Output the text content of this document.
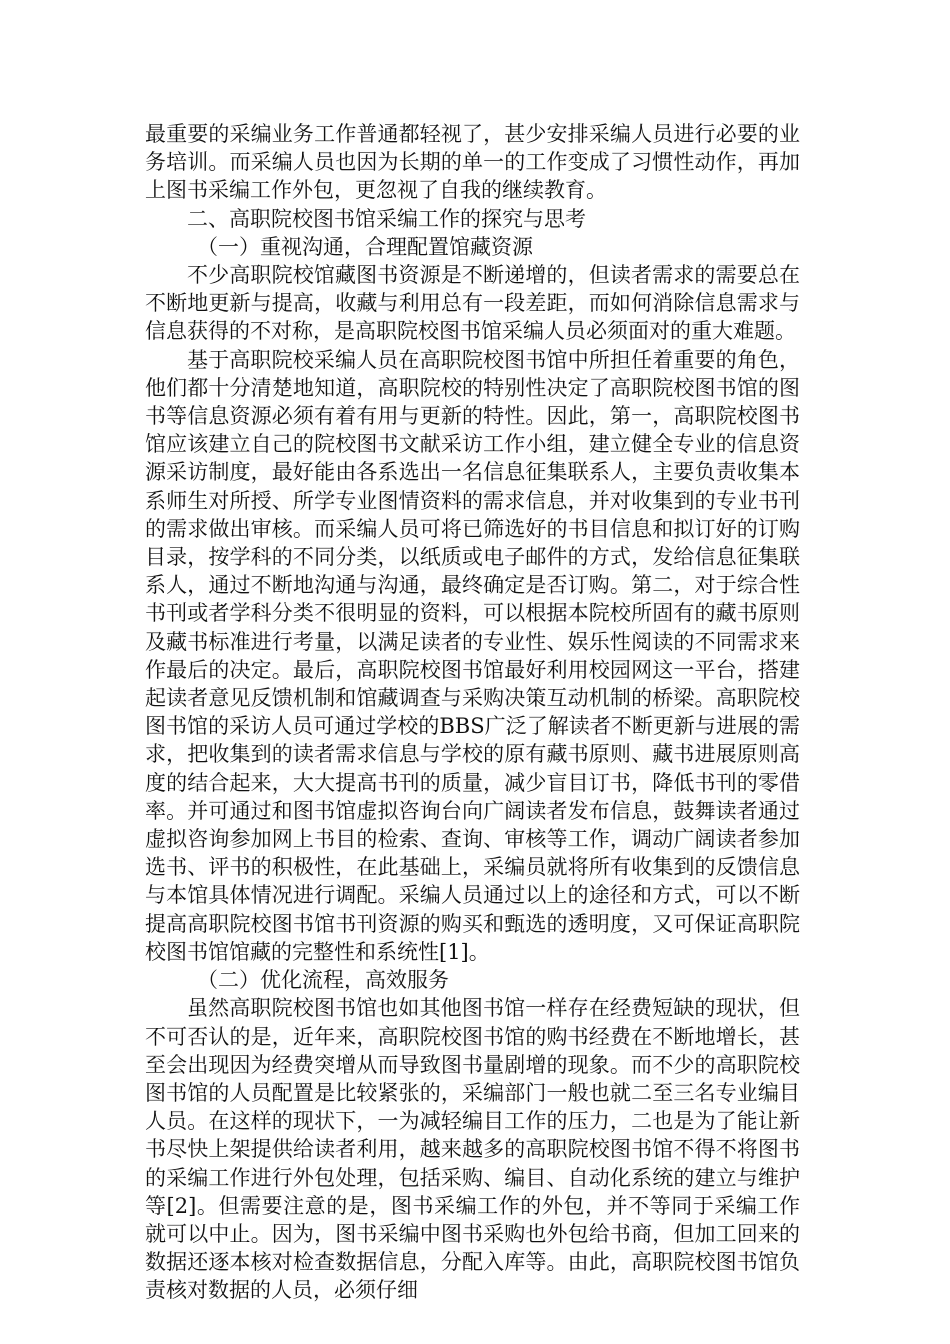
最重要的采编业务工作普通都轻视了，甚少安排采编人员进行必要的业务培训。而采编人员也因为长期的单一的工作变成了习惯性动作，再加上图书采编工作外包，更忽视了自我的继续教育。

二、高职院校图书馆采编工作的探究与思考

（一）重视沟通，合理配置馆藏资源

不少高职院校馆藏图书资源是不断递增的，但读者需求的需要总在不断地更新与提高，收藏与利用总有一段差距，而如何消除信息需求与信息获得的不对称，是高职院校图书馆采编人员必须面对的重大难题。

基于高职院校采编人员在高职院校图书馆中所担任着重要的角色，他们都十分清楚地知道，高职院校的特别性决定了高职院校图书馆的图书等信息资源必须有着有用与更新的特性。因此，第一，高职院校图书馆应该建立自己的院校图书文献采访工作小组，建立健全专业的信息资源采访制度，最好能由各系选出一名信息征集联系人，主要负责收集本系师生对所授、所学专业图情资料的需求信息，并对收集到的专业书刊的需求做出审核。而采编人员可将已筛选好的书目信息和拟订好的订购目录，按学科的不同分类，以纸质或电子邮件的方式，发给信息征集联系人，通过不断地沟通与沟通，最终确定是否订购。第二，对于综合性书刊或者学科分类不很明显的资料，可以根据本院校所固有的藏书原则及藏书标准进行考量，以满足读者的专业性、娱乐性阅读的不同需求来作最后的决定。最后，高职院校图书馆最好利用校园网这一平台，搭建起读者意见反馈机制和馆藏调查与采购决策互动机制的桥梁。高职院校图书馆的采访人员可通过学校的BBS广泛了解读者不断更新与进展的需求，把收集到的读者需求信息与学校的原有藏书原则、藏书进展原则高度的结合起来，大大提高书刊的质量，减少盲目订书，降低书刊的零借率。并可通过和图书馆虚拟咨询台向广阔读者发布信息，鼓舞读者通过虚拟咨询参加网上书目的检索、查询、审核等工作，调动广阔读者参加选书、评书的积极性，在此基础上，采编员就将所有收集到的反馈信息与本馆具体情况进行调配。采编人员通过以上的途径和方式，可以不断提高高职院校图书馆书刊资源的购买和甄选的透明度，又可保证高职院校图书馆馆藏的完整性和系统性[1]。

（二）优化流程，高效服务

虽然高职院校图书馆也如其他图书馆一样存在经费短缺的现状，但不可否认的是，近年来，高职院校图书馆的购书经费在不断地增长，甚至会出现因为经费突增从而导致图书量剧增的现象。而不少的高职院校图书馆的人员配置是比较紧张的，采编部门一般也就二至三名专业编目人员。在这样的现状下，一为减轻编目工作的压力，二也是为了能让新书尽快上架提供给读者利用，越来越多的高职院校图书馆不得不将图书的采编工作进行外包处理，包括采购、编目、自动化系统的建立与维护等[2]。但需要注意的是，图书采编工作的外包，并不等同于采编工作就可以中止。因为，图书采编中图书采购也外包给书商，但加工回来的数据还逐本核对检查数据信息，分配入库等。由此，高职院校图书馆负责核对数据的人员，必须仔细
